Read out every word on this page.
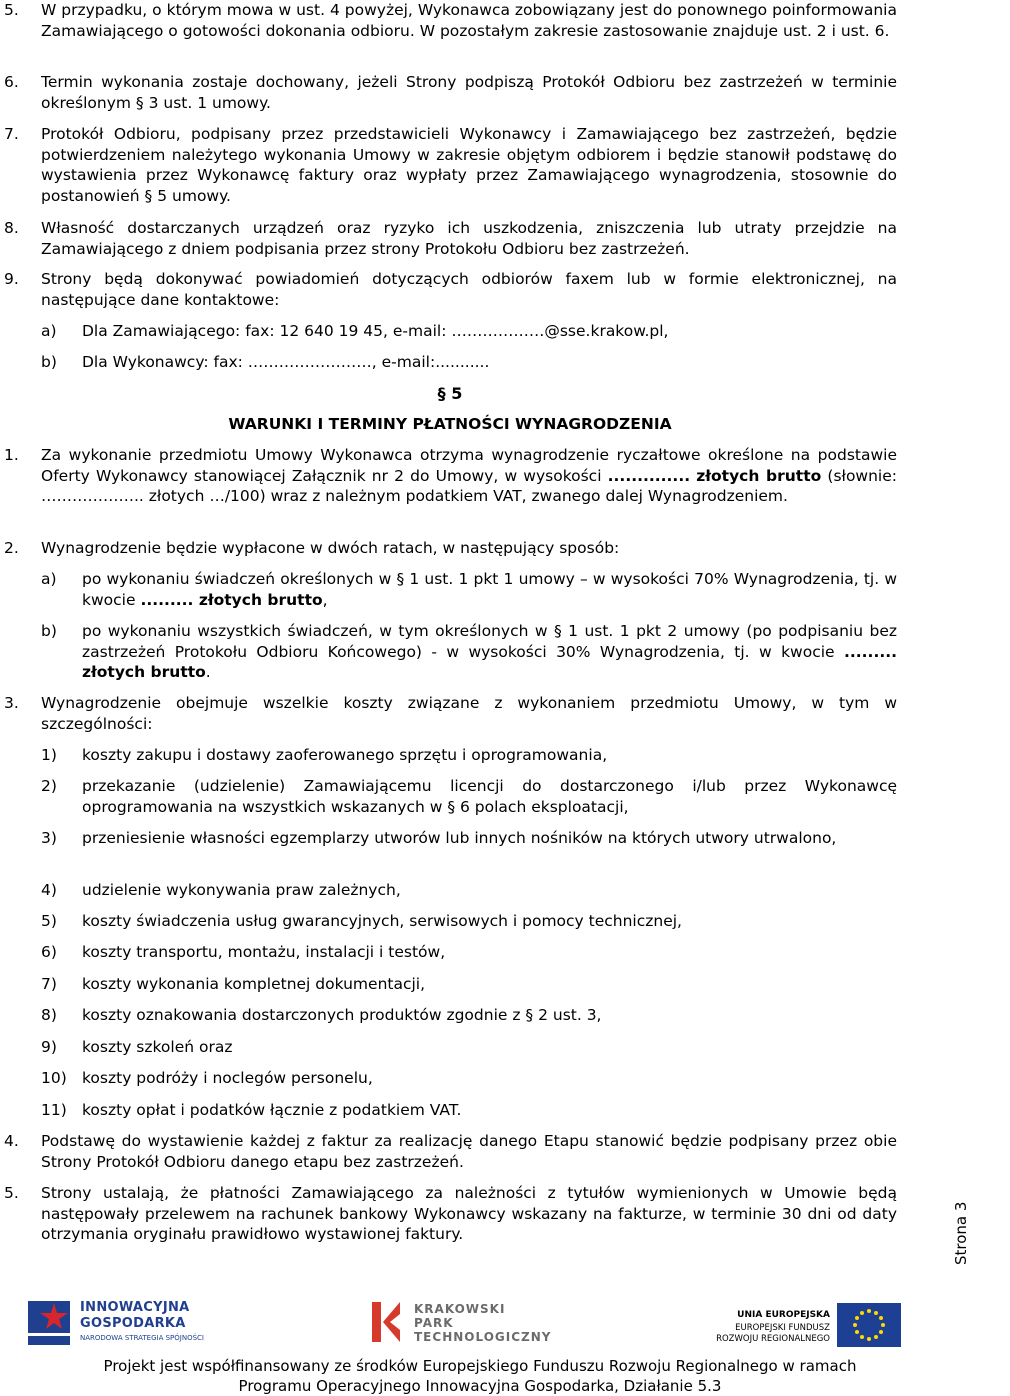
5. W przypadku, o którym mowa w ust. 4 powyżej, Wykonawca zobowiązany jest do ponownego poinformowania Zamawiającego o gotowości dokonania odbioru. W pozostałym zakresie zastosowanie znajduje ust. 2 i ust. 6.
6. Termin wykonania zostaje dochowany, jeżeli Strony podpiszą Protokół Odbioru bez zastrzeżeń w terminie określonym § 3 ust. 1 umowy.
7. Protokół Odbioru, podpisany przez przedstawicieli Wykonawcy i Zamawiającego bez zastrzeżeń, będzie potwierdzeniem należytego wykonania Umowy w zakresie objętym odbiorem i będzie stanowił podstawę do wystawienia przez Wykonawcę faktury oraz wypłaty przez Zamawiającego wynagrodzenia, stosownie do postanowień § 5 umowy.
8. Własność dostarczanych urządzeń oraz ryzyko ich uszkodzenia, zniszczenia lub utraty przejdzie na Zamawiającego z dniem podpisania przez strony Protokołu Odbioru bez zastrzeżeń.
9. Strony będą dokonywać powiadomień dotyczących odbiorów faxem lub w formie elektronicznej, na następujące dane kontaktowe:
a) Dla Zamawiającego: fax: 12 640 19 45, e-mail: ………………@sse.krakow.pl,
b) Dla Wykonawcy: fax: ……………………, e-mail:...........
§ 5
WARUNKI I TERMINY PŁATNOŚCI WYNAGRODZENIA
1. Za wykonanie przedmiotu Umowy Wykonawca otrzyma wynagrodzenie ryczałtowe określone na podstawie Oferty Wykonawcy stanowiącej Załącznik nr 2 do Umowy, w wysokości .............. złotych brutto (słownie: ……………….. złotych …/100) wraz z należnym podatkiem VAT, zwanego dalej Wynagrodzeniem.
2. Wynagrodzenie będzie wypłacone w dwóch ratach, w następujący sposób:
a) po wykonaniu świadczeń określonych w § 1 ust. 1 pkt 1 umowy – w wysokości 70% Wynagrodzenia, tj. w kwocie ......... złotych brutto,
b) po wykonaniu wszystkich świadczeń, w tym określonych w § 1 ust. 1 pkt 2 umowy (po podpisaniu bez zastrzeżeń Protokołu Odbioru Końcowego) - w wysokości 30% Wynagrodzenia, tj. w kwocie ......... złotych brutto.
3. Wynagrodzenie obejmuje wszelkie koszty związane z wykonaniem przedmiotu Umowy, w tym w szczególności:
1) koszty zakupu i dostawy zaoferowanego sprzętu i oprogramowania,
2) przekazanie (udzielenie) Zamawiającemu licencji do dostarczonego i/lub przez Wykonawcę oprogramowania na wszystkich wskazanych w § 6 polach eksploatacji,
3) przeniesienie własności egzemplarzy utworów lub innych nośników na których utwory utrwalono,
4) udzielenie wykonywania praw zależnych,
5) koszty świadczenia usług gwarancyjnych, serwisowych i pomocy technicznej,
6) koszty transportu, montażu, instalacji i testów,
7) koszty wykonania kompletnej dokumentacji,
8) koszty oznakowania dostarczonych produktów zgodnie z § 2 ust. 3,
9) koszty szkoleń oraz
10) koszty podróży i noclegów personelu,
11) koszty opłat i podatków łącznie z podatkiem VAT.
4. Podstawę do wystawienie każdej z faktur za realizację danego Etapu stanowić będzie podpisany przez obie Strony Protokół Odbioru danego etapu bez zastrzeżeń.
5. Strony ustalają, że płatności Zamawiającego za należności z tytułów wymienionych w Umowie będą następowały przelewem na rachunek bankowy Wykonawcy wskazany na fakturze, w terminie 30 dni od daty otrzymania oryginału prawidłowo wystawionej faktury.	Strona 3
INNOWACYJNA
GOSPODARKA
NARODOWA STRATEGIA SPÓJNOŚCI
KRAKOWSKI
PARK
TECHNOLOGICZNY
UNIA EUROPEJSKA
EUROPEJSKI FUNDUSZ
ROZWOJU REGIONALNEGO
Projekt jest współfinansowany ze środków Europejskiego Funduszu Rozwoju Regionalnego w ramach
Programu Operacyjnego Innowacyjna Gospodarka, Działanie 5.3
